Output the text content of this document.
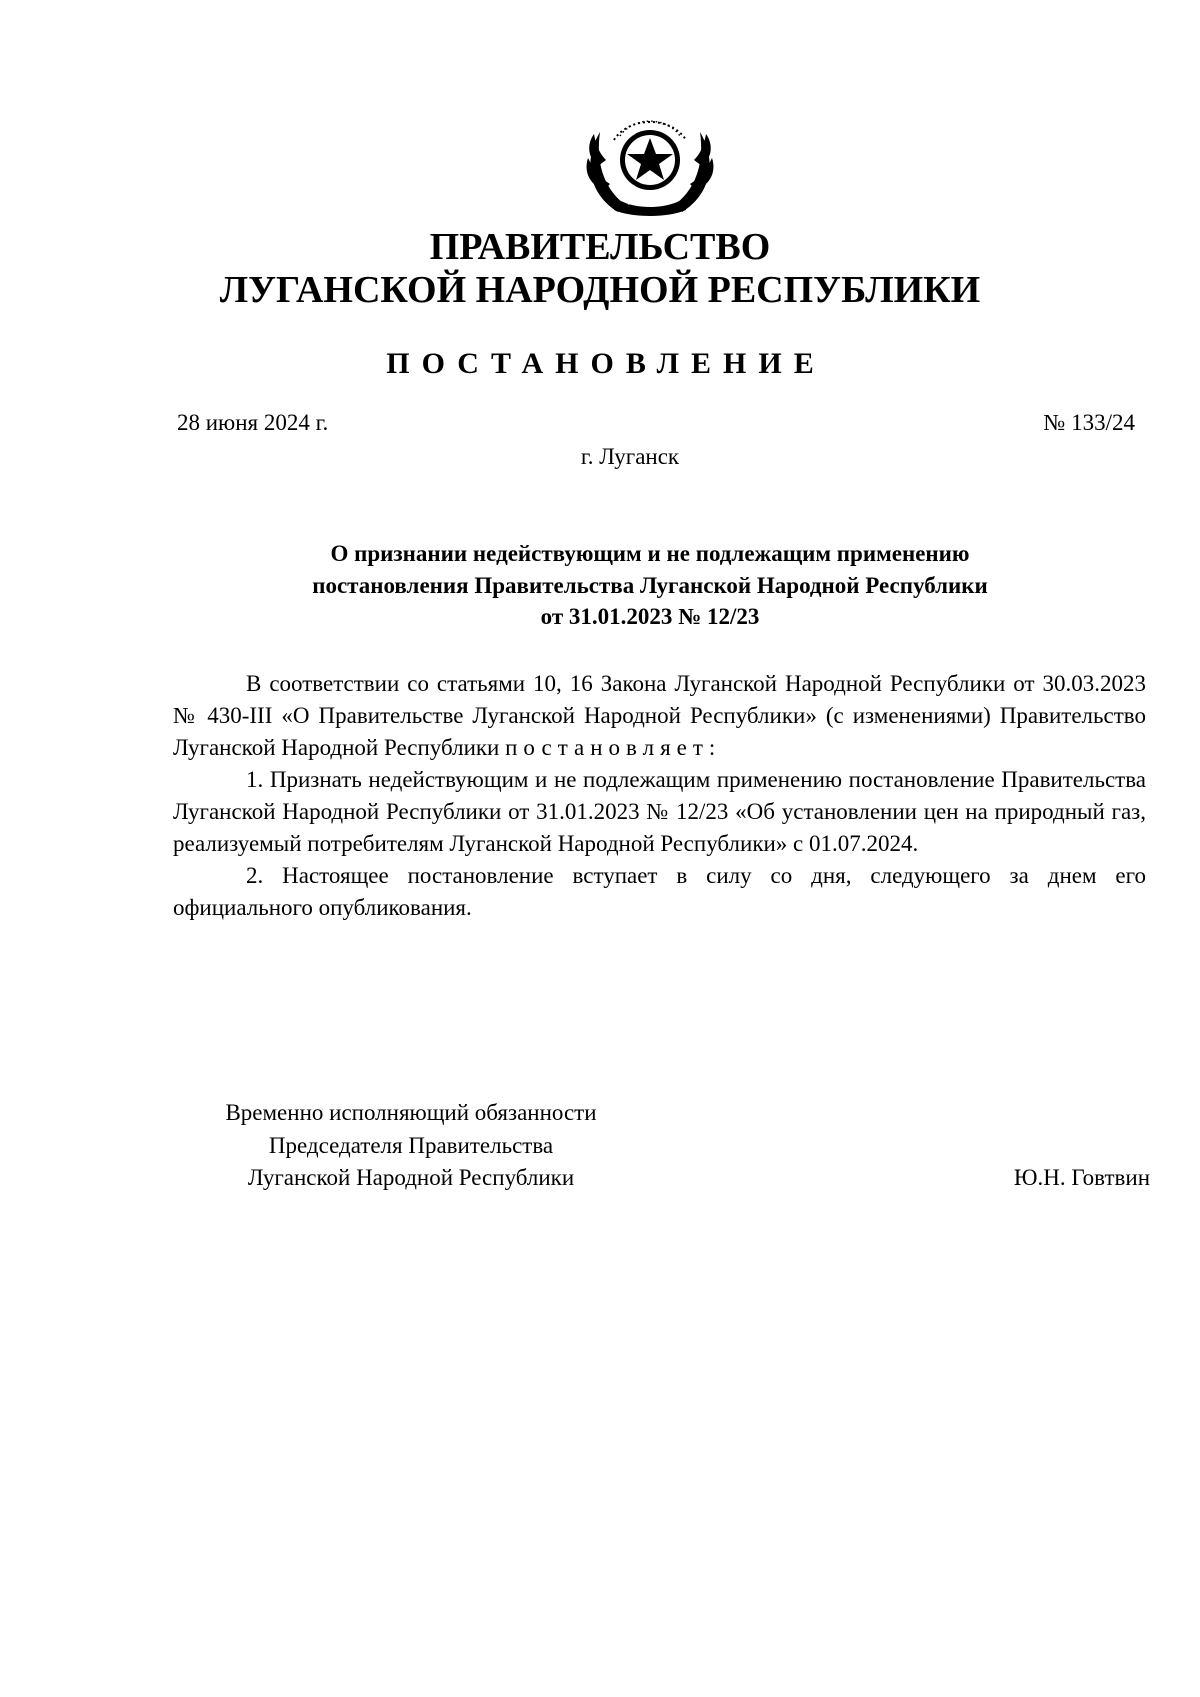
ПРАВИТЕЛЬСТВО
ЛУГАНСКОЙ НАРОДНОЙ РЕСПУБЛИКИ
ПОСТАНОВЛЕНИЕ
28 июня 2024 г.	№ 133/24
г. Луганск
О признании недействующим и не подлежащим применению
постановления Правительства Луганской Народной Республики
от 31.01.2023 № 12/23

В соответствии со статьями 10, 16 Закона Луганской Народной Республики от 30.03.2023 № 430-III «О Правительстве Луганской Народной Республики» (с изменениями) Правительство Луганской Народной Республики постановляет:

1. Признать недействующим и не подлежащим применению постановление Правительства Луганской Народной Республики от 31.01.2023 № 12/23 «Об установлении цен на природный газ, реализуемый потребителям Луганской Народной Республики» с 01.07.2024.

2. Настоящее постановление вступает в силу со дня, следующего за днем его официального опубликования.

Временно исполняющий обязанности
Председателя Правительства
Луганской Народной Республики	Ю.Н. Говтвин
